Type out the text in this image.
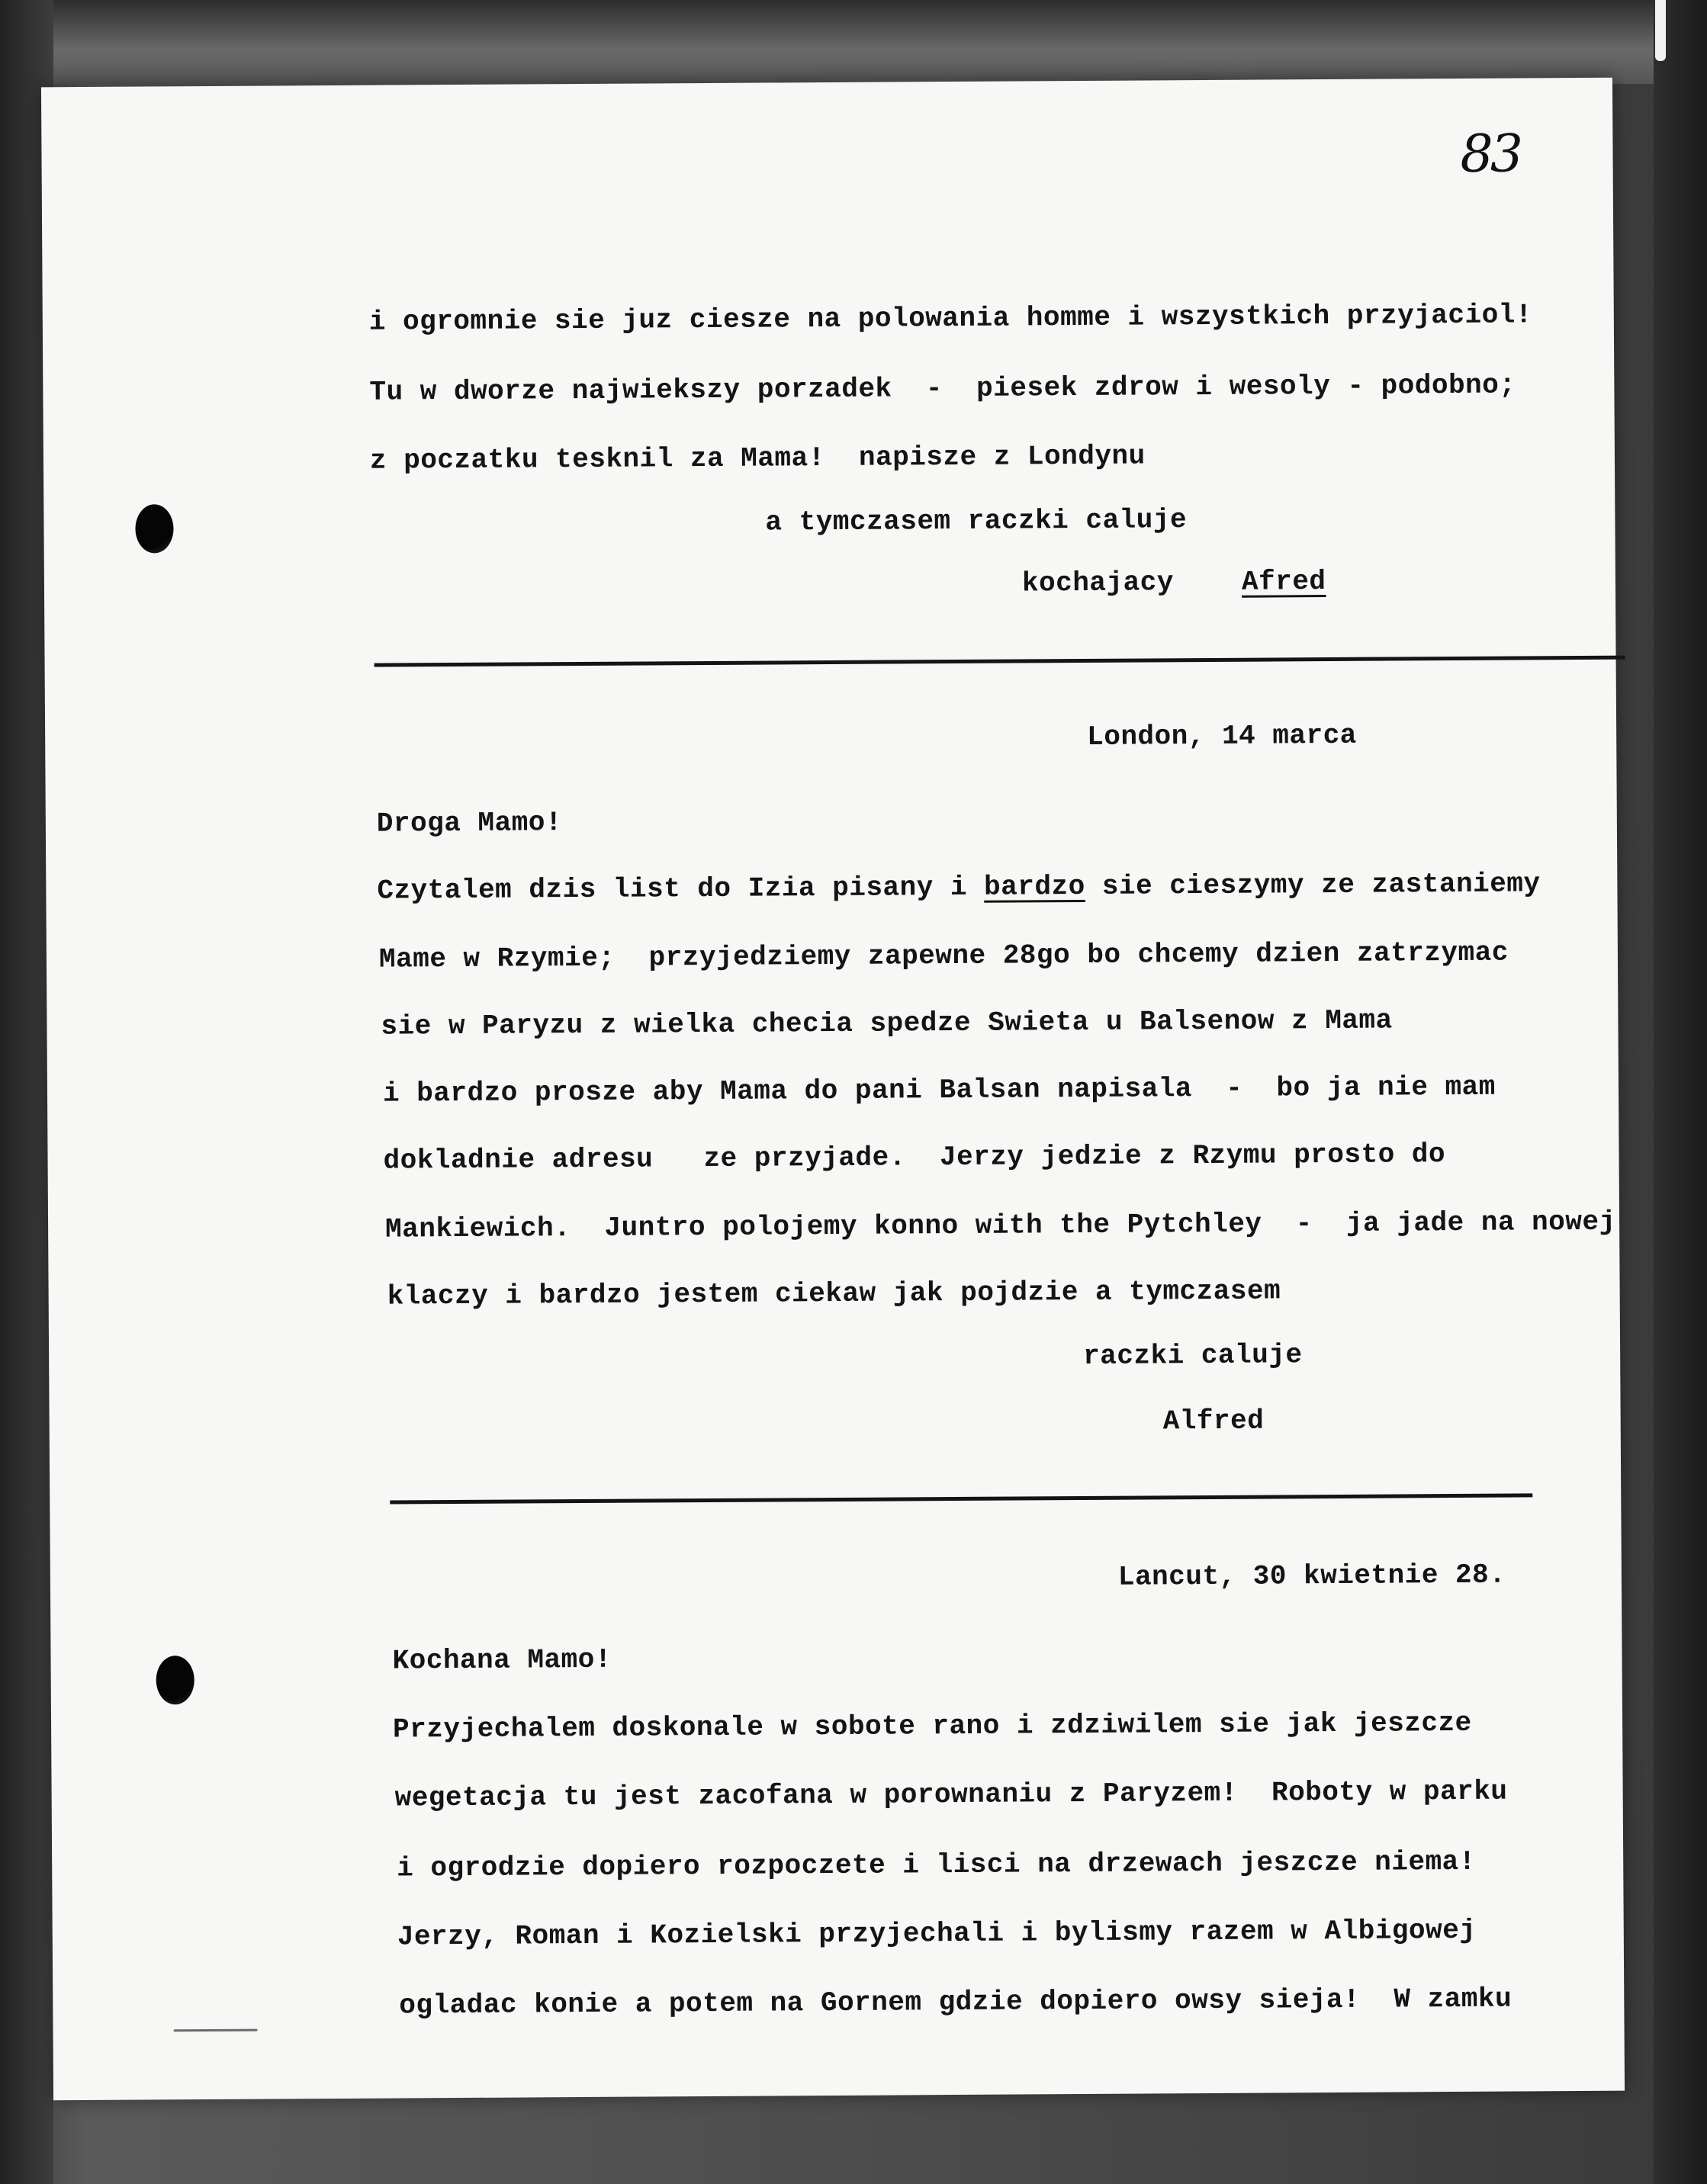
83
i ogromnie sie juz ciesze na polowania homme i wszystkich przyjaciol!
Tu w dworze najwiekszy porzadek  -  piesek zdrow i wesoly - podobno;
z poczatku tesknil za Mama!  napisze z Londynu
a tymczasem raczki caluje
kochajacy Afred
London, 14 marca
Droga Mamo!
Czytalem dzis list do Izia pisany i bardzo sie cieszymy ze zastaniemy
Mame w Rzymie;  przyjedziemy zapewne 28go bo chcemy dzien zatrzymac
sie w Paryzu z wielka checia spedze Swieta u Balsenow z Mama
i bardzo prosze aby Mama do pani Balsan napisala  -  bo ja nie mam
dokladnie adresu   ze przyjade.  Jerzy jedzie z Rzymu prosto do
Mankiewich.  Juntro polojemy konno with the Pytchley  -  ja jade na nowej
klaczy i bardzo jestem ciekaw jak pojdzie a tymczasem
raczki caluje
Alfred
Lancut, 30 kwietnie 28.
Kochana Mamo!
Przyjechalem doskonale w sobote rano i zdziwilem sie jak jeszcze
wegetacja tu jest zacofana w porownaniu z Paryzem!  Roboty w parku
i ogrodzie dopiero rozpoczete i lisci na drzewach jeszcze niema!
Jerzy, Roman i Kozielski przyjechali i bylismy razem w Albigowej
ogladac konie a potem na Gornem gdzie dopiero owsy sieja!  W zamku
